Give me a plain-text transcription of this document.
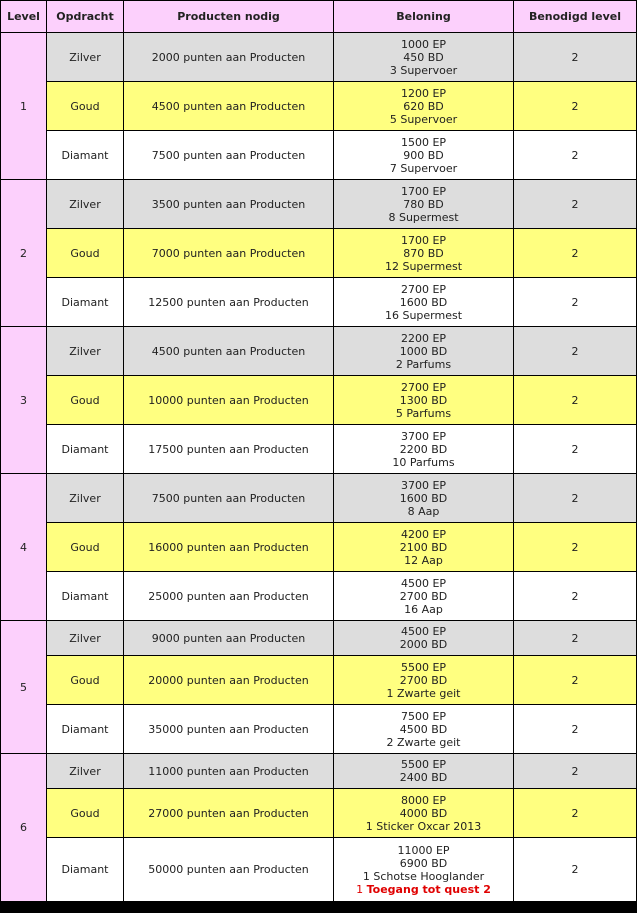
Level	Opdracht	Producten nodig	Beloning	Benodigd level
1	Zilver	2000 punten aan Producten	1000 EP
450 BD
3 Supervoer	2
	Goud	4500 punten aan Producten	1200 EP
620 BD
5 Supervoer	2
	Diamant	7500 punten aan Producten	1500 EP
900 BD
7 Supervoer	2
2	Zilver	3500 punten aan Producten	1700 EP
780 BD
8 Supermest	2
	Goud	7000 punten aan Producten	1700 EP
870 BD
12 Supermest	2
	Diamant	12500 punten aan Producten	2700 EP
1600 BD
16 Supermest	2
3	Zilver	4500 punten aan Producten	2200 EP
1000 BD
2 Parfums	2
	Goud	10000 punten aan Producten	2700 EP
1300 BD
5 Parfums	2
	Diamant	17500 punten aan Producten	3700 EP
2200 BD
10 Parfums	2
4	Zilver	7500 punten aan Producten	3700 EP
1600 BD
8 Aap	2
	Goud	16000 punten aan Producten	4200 EP
2100 BD
12 Aap	2
	Diamant	25000 punten aan Producten	4500 EP
2700 BD
16 Aap	2
5	Zilver	9000 punten aan Producten	4500 EP
2000 BD	2
	Goud	20000 punten aan Producten	5500 EP
2700 BD
1 Zwarte geit	2
	Diamant	35000 punten aan Producten	7500 EP
4500 BD
2 Zwarte geit	2
6	Zilver	11000 punten aan Producten	5500 EP
2400 BD	2
	Goud	27000 punten aan Producten	8000 EP
4000 BD
1 Sticker Oxcar 2013	2
	Diamant	50000 punten aan Producten	11000 EP
6900 BD
1 Schotse Hooglander
1 Toegang tot quest 2	2
